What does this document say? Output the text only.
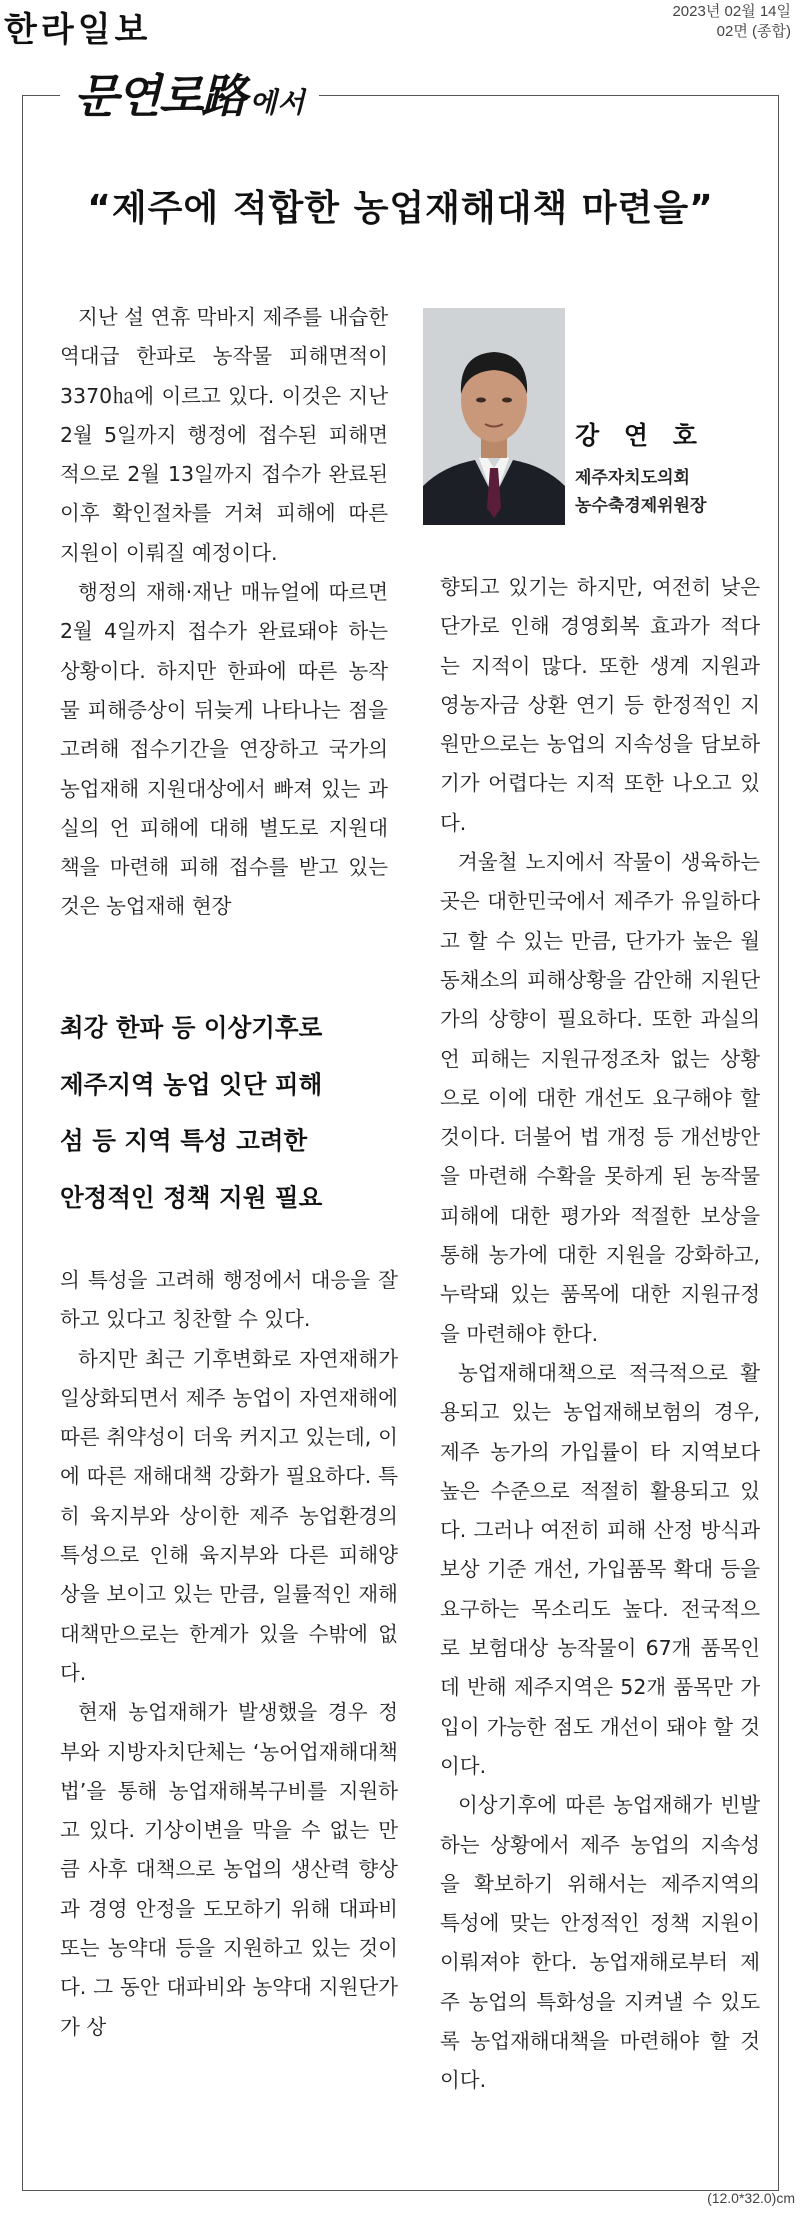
한라일보	2023년 02월 14일
02면 (종합)
문연로路 에서
“제주에 적합한 농업재해대책 마련을”

지난 설 연휴 막바지 제주를 내습한 역대급 한파로 농작물 피해면적이 3370㏊에 이르고 있다. 이것은 지난 2월 5일까지 행정에 접수된 피해면적으로 2월 13일까지 접수가 완료된 이후 확인절차를 거쳐 피해에 따른 지원이 이뤄질 예정이다.

행정의 재해·재난 매뉴얼에 따르면 2월 4일까지 접수가 완료돼야 하는 상황이다. 하지만 한파에 따른 농작물 피해증상이 뒤늦게 나타나는 점을 고려해 접수기간을 연장하고 국가의 농업재해 지원대상에서 빠져 있는 과실의 언 피해에 대해 별도로 지원대책을 마련해 피해 접수를 받고 있는 것은 농업재해 현장

강 연 호
제주자치도의회
농수축경제위원장
최강 한파 등 이상기후로
제주지역 농업 잇단 피해
섬 등 지역 특성 고려한
안정적인 정책 지원 필요

의 특성을 고려해 행정에서 대응을 잘 하고 있다고 칭찬할 수 있다.

하지만 최근 기후변화로 자연재해가 일상화되면서 제주 농업이 자연재해에 따른 취약성이 더욱 커지고 있는데, 이에 따른 재해대책 강화가 필요하다. 특히 육지부와 상이한 제주 농업환경의 특성으로 인해 육지부와 다른 피해양상을 보이고 있는 만큼, 일률적인 재해 대책만으로는 한계가 있을 수밖에 없다.

현재 농업재해가 발생했을 경우 정부와 지방자치단체는 ‘농어업재해대책법’을 통해 농업재해복구비를 지원하고 있다. 기상이변을 막을 수 없는 만큼 사후 대책으로 농업의 생산력 향상과 경영 안정을 도모하기 위해 대파비 또는 농약대 등을 지원하고 있는 것이다. 그 동안 대파비와 농약대 지원단가가 상

향되고 있기는 하지만, 여전히 낮은 단가로 인해 경영회복 효과가 적다는 지적이 많다. 또한 생계 지원과 영농자금 상환 연기 등 한정적인 지원만으로는 농업의 지속성을 담보하기가 어렵다는 지적 또한 나오고 있다.

겨울철 노지에서 작물이 생육하는 곳은 대한민국에서 제주가 유일하다고 할 수 있는 만큼, 단가가 높은 월동채소의 피해상황을 감안해 지원단가의 상향이 필요하다. 또한 과실의 언 피해는 지원규정조차 없는 상황으로 이에 대한 개선도 요구해야 할 것이다. 더불어 법 개정 등 개선방안을 마련해 수확을 못하게 된 농작물 피해에 대한 평가와 적절한 보상을 통해 농가에 대한 지원을 강화하고, 누락돼 있는 품목에 대한 지원규정을 마련해야 한다.

농업재해대책으로 적극적으로 활용되고 있는 농업재해보험의 경우, 제주 농가의 가입률이 타 지역보다 높은 수준으로 적절히 활용되고 있다. 그러나 여전히 피해 산정 방식과 보상 기준 개선, 가입품목 확대 등을 요구하는 목소리도 높다. 전국적으로 보험대상 농작물이 67개 품목인데 반해 제주지역은 52개 품목만 가입이 가능한 점도 개선이 돼야 할 것이다.

이상기후에 따른 농업재해가 빈발하는 상황에서 제주 농업의 지속성을 확보하기 위해서는 제주지역의 특성에 맞는 안정적인 정책 지원이 이뤄져야 한다. 농업재해로부터 제주 농업의 특화성을 지켜낼 수 있도록 농업재해대책을 마련해야 할 것이다.

(12.0*32.0)cm
